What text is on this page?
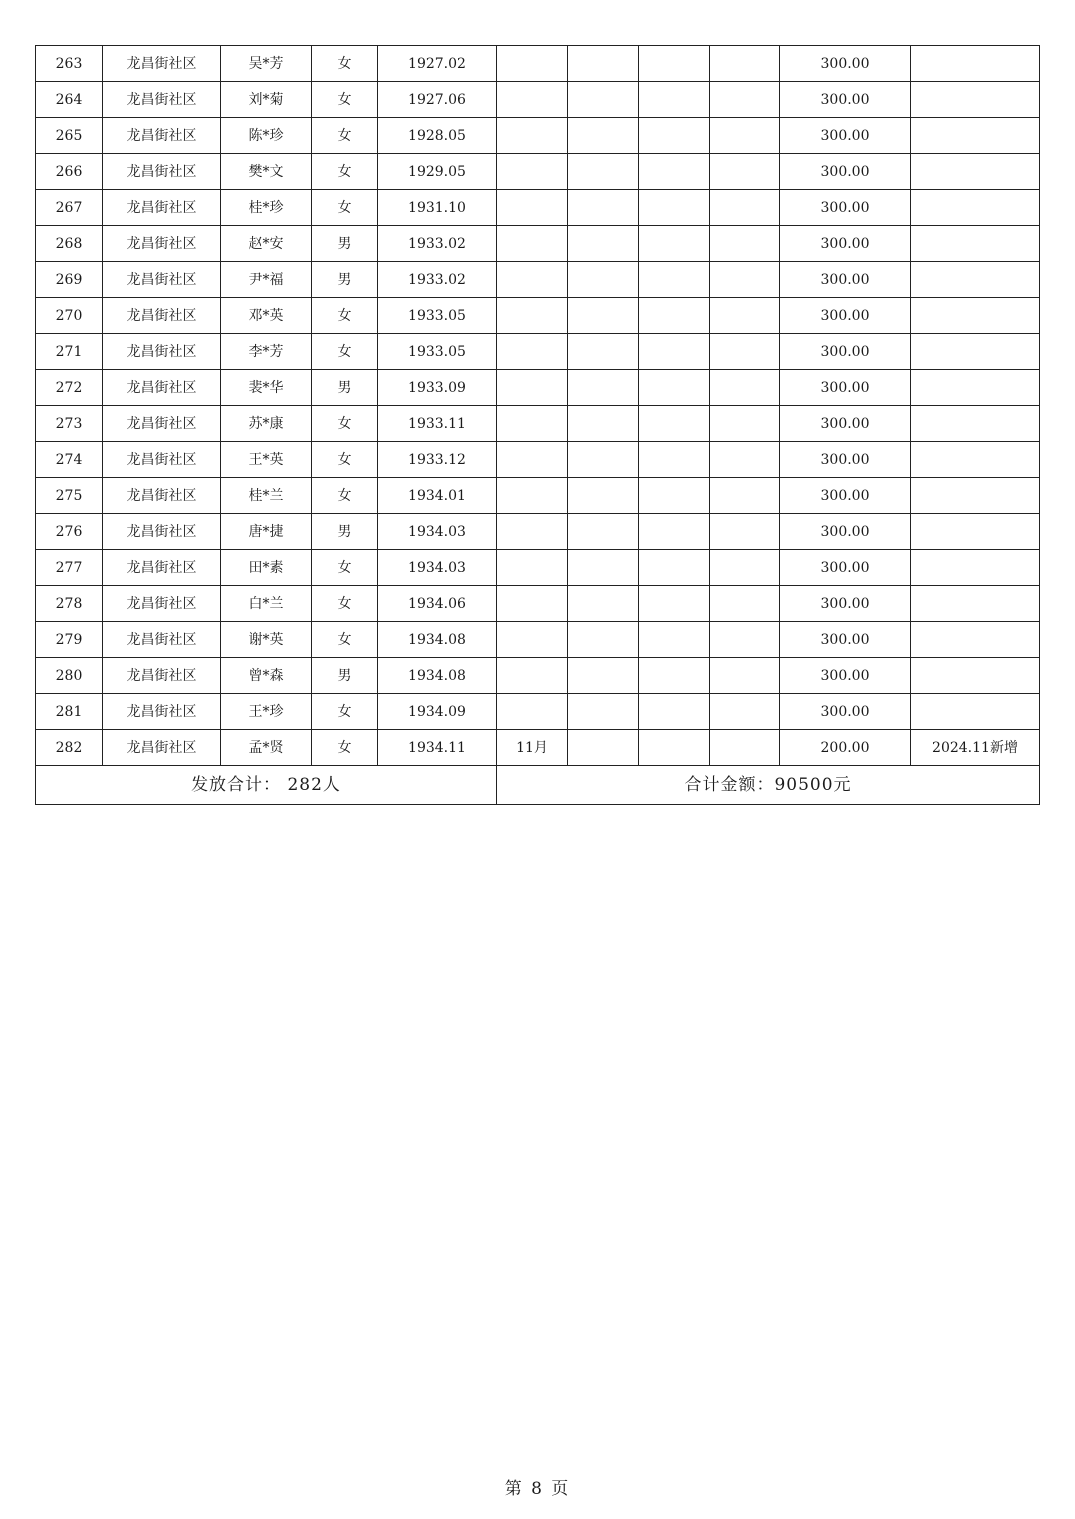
263	龙昌街社区	吴*芳	女	1927.02					300.00	
264	龙昌街社区	刘*菊	女	1927.06					300.00	
265	龙昌街社区	陈*珍	女	1928.05					300.00	
266	龙昌街社区	樊*文	女	1929.05					300.00	
267	龙昌街社区	桂*珍	女	1931.10					300.00	
268	龙昌街社区	赵*安	男	1933.02					300.00	
269	龙昌街社区	尹*福	男	1933.02					300.00	
270	龙昌街社区	邓*英	女	1933.05					300.00	
271	龙昌街社区	李*芳	女	1933.05					300.00	
272	龙昌街社区	裴*华	男	1933.09					300.00	
273	龙昌街社区	苏*康	女	1933.11					300.00	
274	龙昌街社区	王*英	女	1933.12					300.00	
275	龙昌街社区	桂*兰	女	1934.01					300.00	
276	龙昌街社区	唐*捷	男	1934.03					300.00	
277	龙昌街社区	田*素	女	1934.03					300.00	
278	龙昌街社区	白*兰	女	1934.06					300.00	
279	龙昌街社区	谢*英	女	1934.08					300.00	
280	龙昌街社区	曾*森	男	1934.08					300.00	
281	龙昌街社区	王*珍	女	1934.09					300.00	
282	龙昌街社区	孟*贤	女	1934.11	11月				200.00	2024.11新增
发放合计： 282人					合计金额：90500元					
第 8 页
